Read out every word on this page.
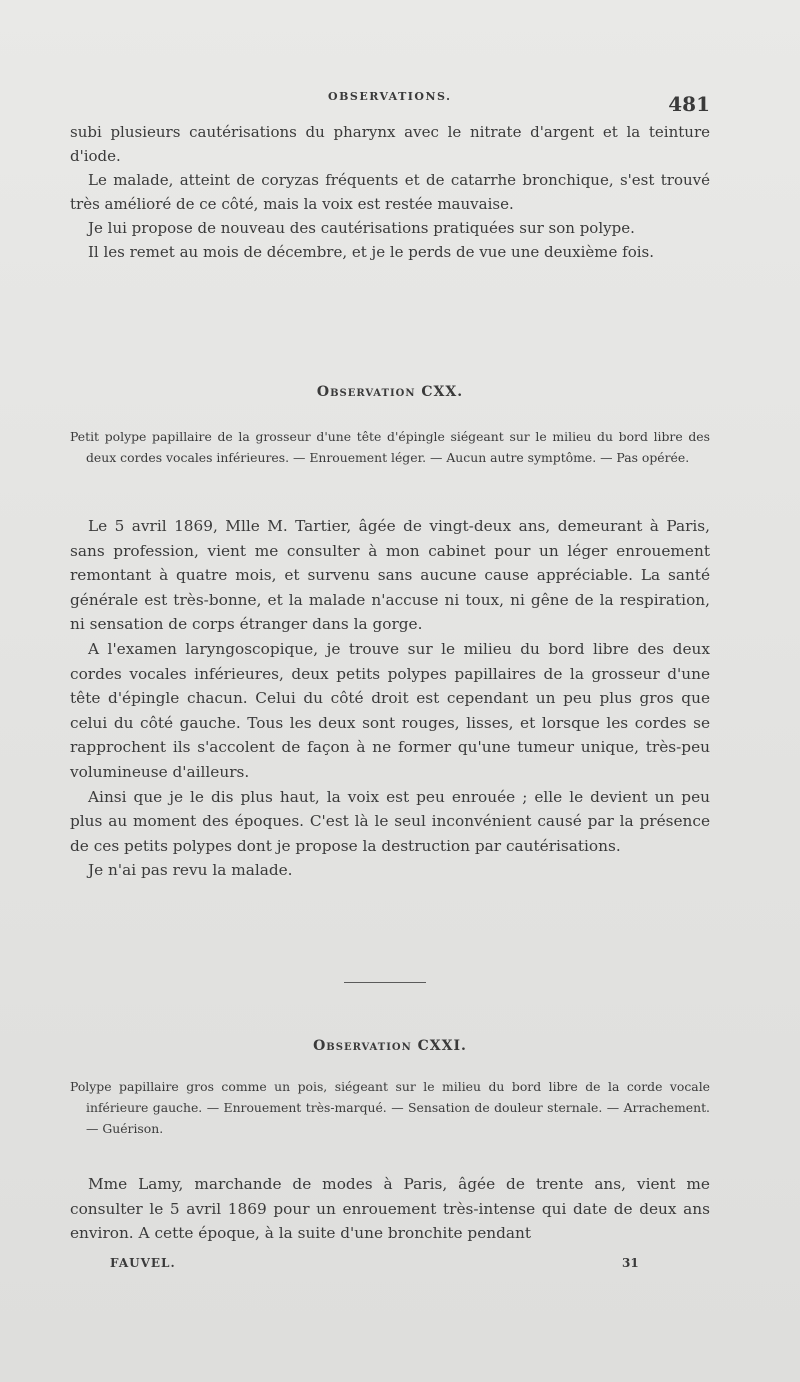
OBSERVATIONS.	481

subi plusieurs cautérisations du pharynx avec le nitrate d'argent et la teinture d'iode.

Le malade, atteint de coryzas fréquents et de catarrhe bronchique, s'est trouvé très amélioré de ce côté, mais la voix est restée mauvaise.

Je lui propose de nouveau des cautérisations pratiquées sur son polype.

Il les remet au mois de décembre, et je le perds de vue une deuxième fois.

Observation CXX.
Petit polype papillaire de la grosseur d'une tête d'épingle siégeant sur le milieu du bord libre des deux cordes vocales inférieures. — Enrouement léger. — Aucun autre symptôme. — Pas opérée.

Le 5 avril 1869, Mlle M. Tartier, âgée de vingt-deux ans, demeurant à Paris, sans profession, vient me consulter à mon cabinet pour un léger enrouement remontant à quatre mois, et survenu sans aucune cause appréciable. La santé générale est très-bonne, et la malade n'accuse ni toux, ni gêne de la respiration, ni sensation de corps étranger dans la gorge.

A l'examen laryngoscopique, je trouve sur le milieu du bord libre des deux cordes vocales inférieures, deux petits polypes papillaires de la grosseur d'une tête d'épingle chacun. Celui du côté droit est cependant un peu plus gros que celui du côté gauche. Tous les deux sont rouges, lisses, et lorsque les cordes se rapprochent ils s'accolent de façon à ne former qu'une tumeur unique, très-peu volumineuse d'ailleurs.

Ainsi que je le dis plus haut, la voix est peu enrouée ; elle le devient un peu plus au moment des époques. C'est là le seul inconvénient causé par la présence de ces petits polypes dont je propose la destruction par cautérisations.

Je n'ai pas revu la malade.

Observation CXXI.
Polype papillaire gros comme un pois, siégeant sur le milieu du bord libre de la corde vocale inférieure gauche. — Enrouement très-marqué. — Sensation de douleur sternale. — Arrachement. — Guérison.

Mme Lamy, marchande de modes à Paris, âgée de trente ans, vient me consulter le 5 avril 1869 pour un enrouement très-intense qui date de deux ans environ. A cette époque, à la suite d'une bronchite pendant

FAUVEL.	31
